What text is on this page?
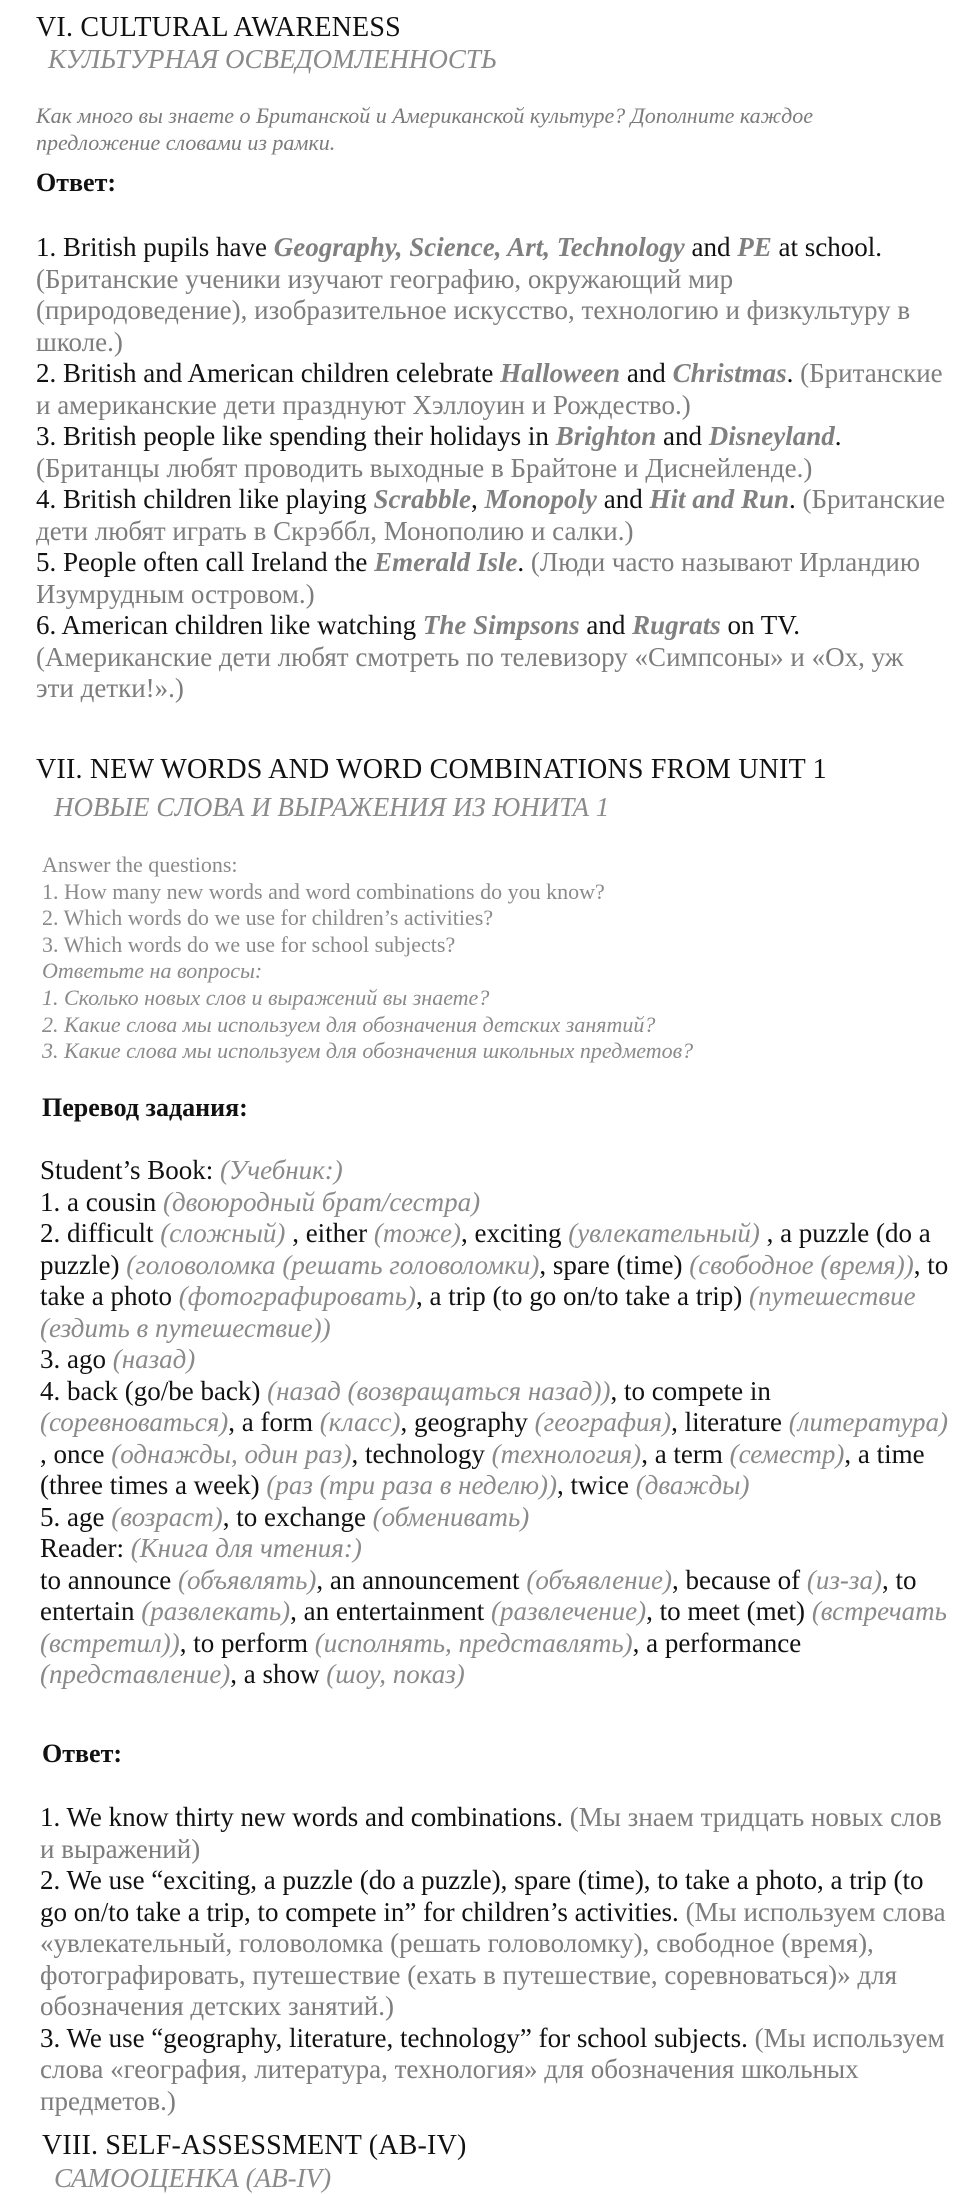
VI. CULTURAL AWARENESS
КУЛЬТУРНАЯ ОСВЕДОМЛЕННОСТЬ
Как много вы знаете о Британской и Американской культуре? Дополните каждое предложение словами из рамки.
Ответ:
1. British pupils have Geography, Science, Art, Technology and PE at school. (Британские ученики изучают географию, окружающий мир (природоведение), изобразительное искусство, технологию и физкультуру в школе.)
2. British and American children celebrate Halloween and Christmas. (Британские и американские дети празднуют Хэллоуин и Рождество.)
3. British people like spending their holidays in Brighton and Disneyland. (Британцы любят проводить выходные в Брайтоне и Диснейленде.)
4. British children like playing Scrabble, Monopoly and Hit and Run. (Британские дети любят играть в Скрэббл, Монополию и салки.)
5. People often call Ireland the Emerald Isle. (Люди часто называют Ирландию Изумрудным островом.)
6. American children like watching The Simpsons and Rugrats on TV. (Американские дети любят смотреть по телевизору «Симпсоны» и «Ох, уж эти детки!».)
VII. NEW WORDS AND WORD COMBINATIONS FROM UNIT 1
НОВЫЕ СЛОВА И ВЫРАЖЕНИЯ ИЗ ЮНИТА 1
Answer the questions:
1. How many new words and word combinations do you know?
2. Which words do we use for children’s activities?
3. Which words do we use for school subjects?
Ответьте на вопросы:
1. Сколько новых слов и выражений вы знаете?
2. Какие слова мы используем для обозначения детских занятий?
3. Какие слова мы используем для обозначения школьных предметов?
Перевод задания:
Student’s Book: (Учебник:)
1. a cousin (двоюродный брат/сестра)
2. difficult (сложный) , either (тоже), exciting (увлекательный) , a puzzle (do a puzzle) (головоломка (решать головоломки), spare (time) (свободное (время)), to take a photo (фотографировать), a trip (to go on/to take a trip) (путешествие (ездить в путешествие))
3. ago (назад)
4. back (go/be back) (назад (возвращаться назад)), to compete in (соревноваться), a form (класс), geography (география), literature (литература) , once (однажды, один раз), technology (технология), a term (семестр), a time (three times a week) (раз (три раза в неделю)), twice (дважды)
5. age (возраст), to exchange (обменивать)
Reader: (Книга для чтения:)
to announce (объявлять), an announcement (объявление), because of (из-за), to entertain (развлекать), an entertainment (развлечение), to meet (met) (встречать (встретил)), to perform (исполнять, представлять), a performance (представление), a show (шоу, показ)
Ответ:
1. We know thirty new words and combinations. (Мы знаем тридцать новых слов и выражений)
2. We use “exciting, a puzzle (do a puzzle), spare (time), to take a photo, a trip (to go on/to take a trip, to compete in” for children’s activities. (Мы используем слова «увлекательный, головоломка (решать головоломку), свободное (время), фотографировать, путешествие (ехать в путешествие, соревноваться)» для обозначения детских занятий.)
3. We use “geography, literature, technology” for school subjects. (Мы используем слова «география, литература, технология» для обозначения школьных предметов.)
VIII. SELF-ASSESSMENT (AB-IV)
САМООЦЕНКА (AB-IV)
